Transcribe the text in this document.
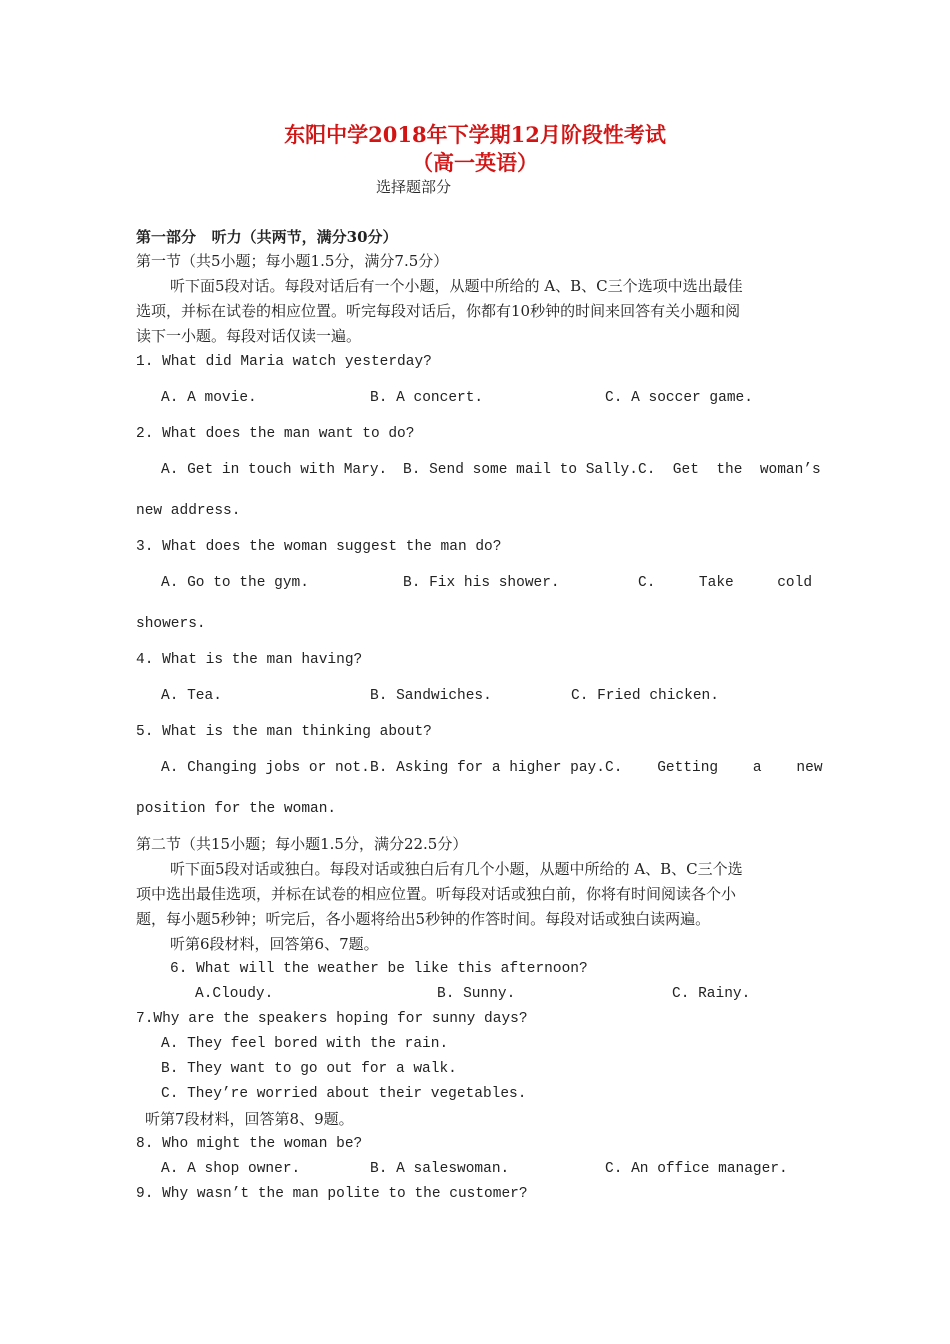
东阳中学2018年下学期12月阶段性考试
（高一英语）
选择题部分
第一部分   听力（共两节，满分30分）
第一节（共5小题；每小题1.5分，满分7.5分）
听下面5段对话。每段对话后有一个小题，从题中所给的 A、B、C三个选项中选出最佳
选项，并标在试卷的相应位置。听完每段对话后，你都有10秒钟的时间来回答有关小题和阅
读下一小题。每段对话仅读一遍。
1. What did Maria watch yesterday?
A. A movie.	B. A concert.	C. A soccer game.
2. What does the man want to do?
A. Get in touch with Mary. B. Send some mail to Sally. C.  Get  the  woman’s
new address.
3. What does the woman suggest the man do?
A. Go to the gym.	B. Fix his shower.	C.     Take     cold
showers.
4. What is the man having?
A. Tea.	B. Sandwiches.	C. Fried chicken.
5. What is the man thinking about?
A. Changing jobs or not. B. Asking for a higher pay. C.    Getting    a    new
position for the woman.
第二节（共15小题；每小题1.5分，满分22.5分）
听下面5段对话或独白。每段对话或独白后有几个小题，从题中所给的 A、B、C三个选
项中选出最佳选项，并标在试卷的相应位置。听每段对话或独白前，你将有时间阅读各个小
题，每小题5秒钟；听完后，各小题将给出5秒钟的作答时间。每段对话或独白读两遍。
听第6段材料，回答第6、7题。
6. What will the weather be like this afternoon?
A.Cloudy.	B. Sunny.	C. Rainy.
7.Why are the speakers hoping for sunny days?
A. They feel bored with the rain.
B. They want to go out for a walk.
C. They’re worried about their vegetables.
听第7段材料，回答第8、9题。
8. Who might the woman be?
A. A shop owner.	B. A saleswoman.	C. An office manager.
9. Why wasn’t the man polite to the customer?
